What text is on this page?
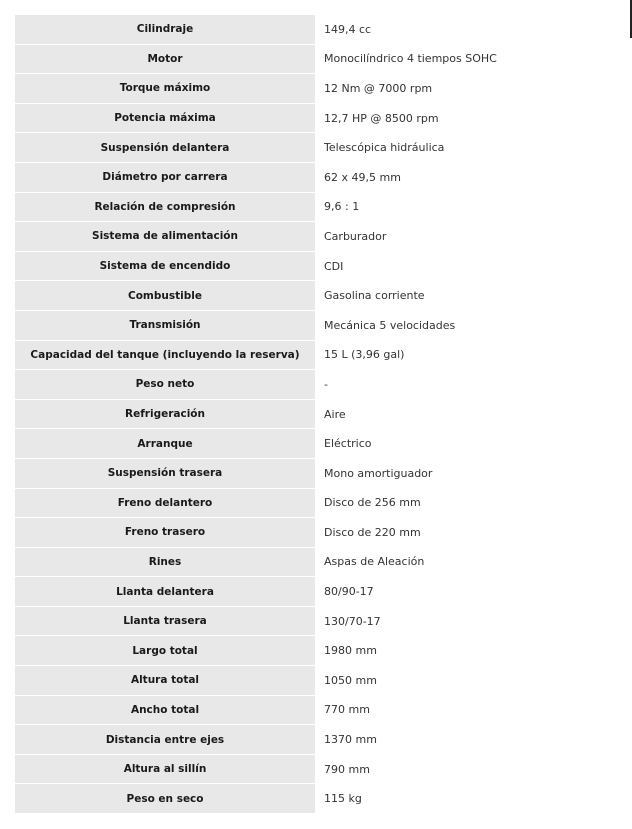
Cilindraje	149,4 cc
Motor	Monocilíndrico 4 tiempos SOHC
Torque máximo	12 Nm @ 7000 rpm
Potencia máxima	12,7 HP @ 8500 rpm
Suspensión delantera	Telescópica hidráulica
Diámetro por carrera	62 x 49,5 mm
Relación de compresión	9,6 : 1
Sistema de alimentación	Carburador
Sistema de encendido	CDI
Combustible	Gasolina corriente
Transmisión	Mecánica 5 velocidades
Capacidad del tanque (incluyendo la reserva)	15 L (3,96 gal)
Peso neto	-
Refrigeración	Aire
Arranque	Eléctrico
Suspensión trasera	Mono amortiguador
Freno delantero	Disco de 256 mm
Freno trasero	Disco de 220 mm
Rines	Aspas de Aleación
Llanta delantera	80/90-17
Llanta trasera	130/70-17
Largo total	1980 mm
Altura total	1050 mm
Ancho total	770 mm
Distancia entre ejes	1370 mm
Altura al sillín	790 mm
Peso en seco	115 kg
